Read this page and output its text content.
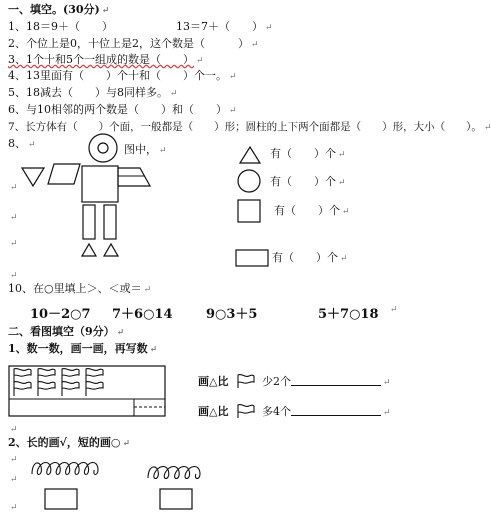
一、填空。(30分) ↵
1、18＝9＋（　　）	13＝7＋（　　） ↵
2、个位上是0，十位上是2，这个数是（　　　） ↵
3、1个十和5个一组成的数是（　　） ↵
4、13里面有（　　）个十和（　　）个一。 ↵
5、18减去（　　）与8同样多。 ↵
6、与10相邻的两个数是（　　）和（　　） ↵
7、长方体有（　　）个面，一般都是（　　）形；圆柱的上下两个面都是（　　）形，大小（　　）。 ↵
8、 ↵	图中， ↵
↵
↵
↵
有（　　）个 ↵
有（　　）个 ↵
有（　　）个 ↵
有（　　）个 ↵
↵
10、在○里填上＞、＜或＝ ↵
10－2○7 7＋6○14	9○3＋5	5＋7○18 ↵
二、看图填空（9分） ↵
1、数一数，画一画，再写数 ↵
画△比	少2个	↵
画△比	多4个	↵
↵
2、长的画√，短的画○ ↵
↵
↵
↵
